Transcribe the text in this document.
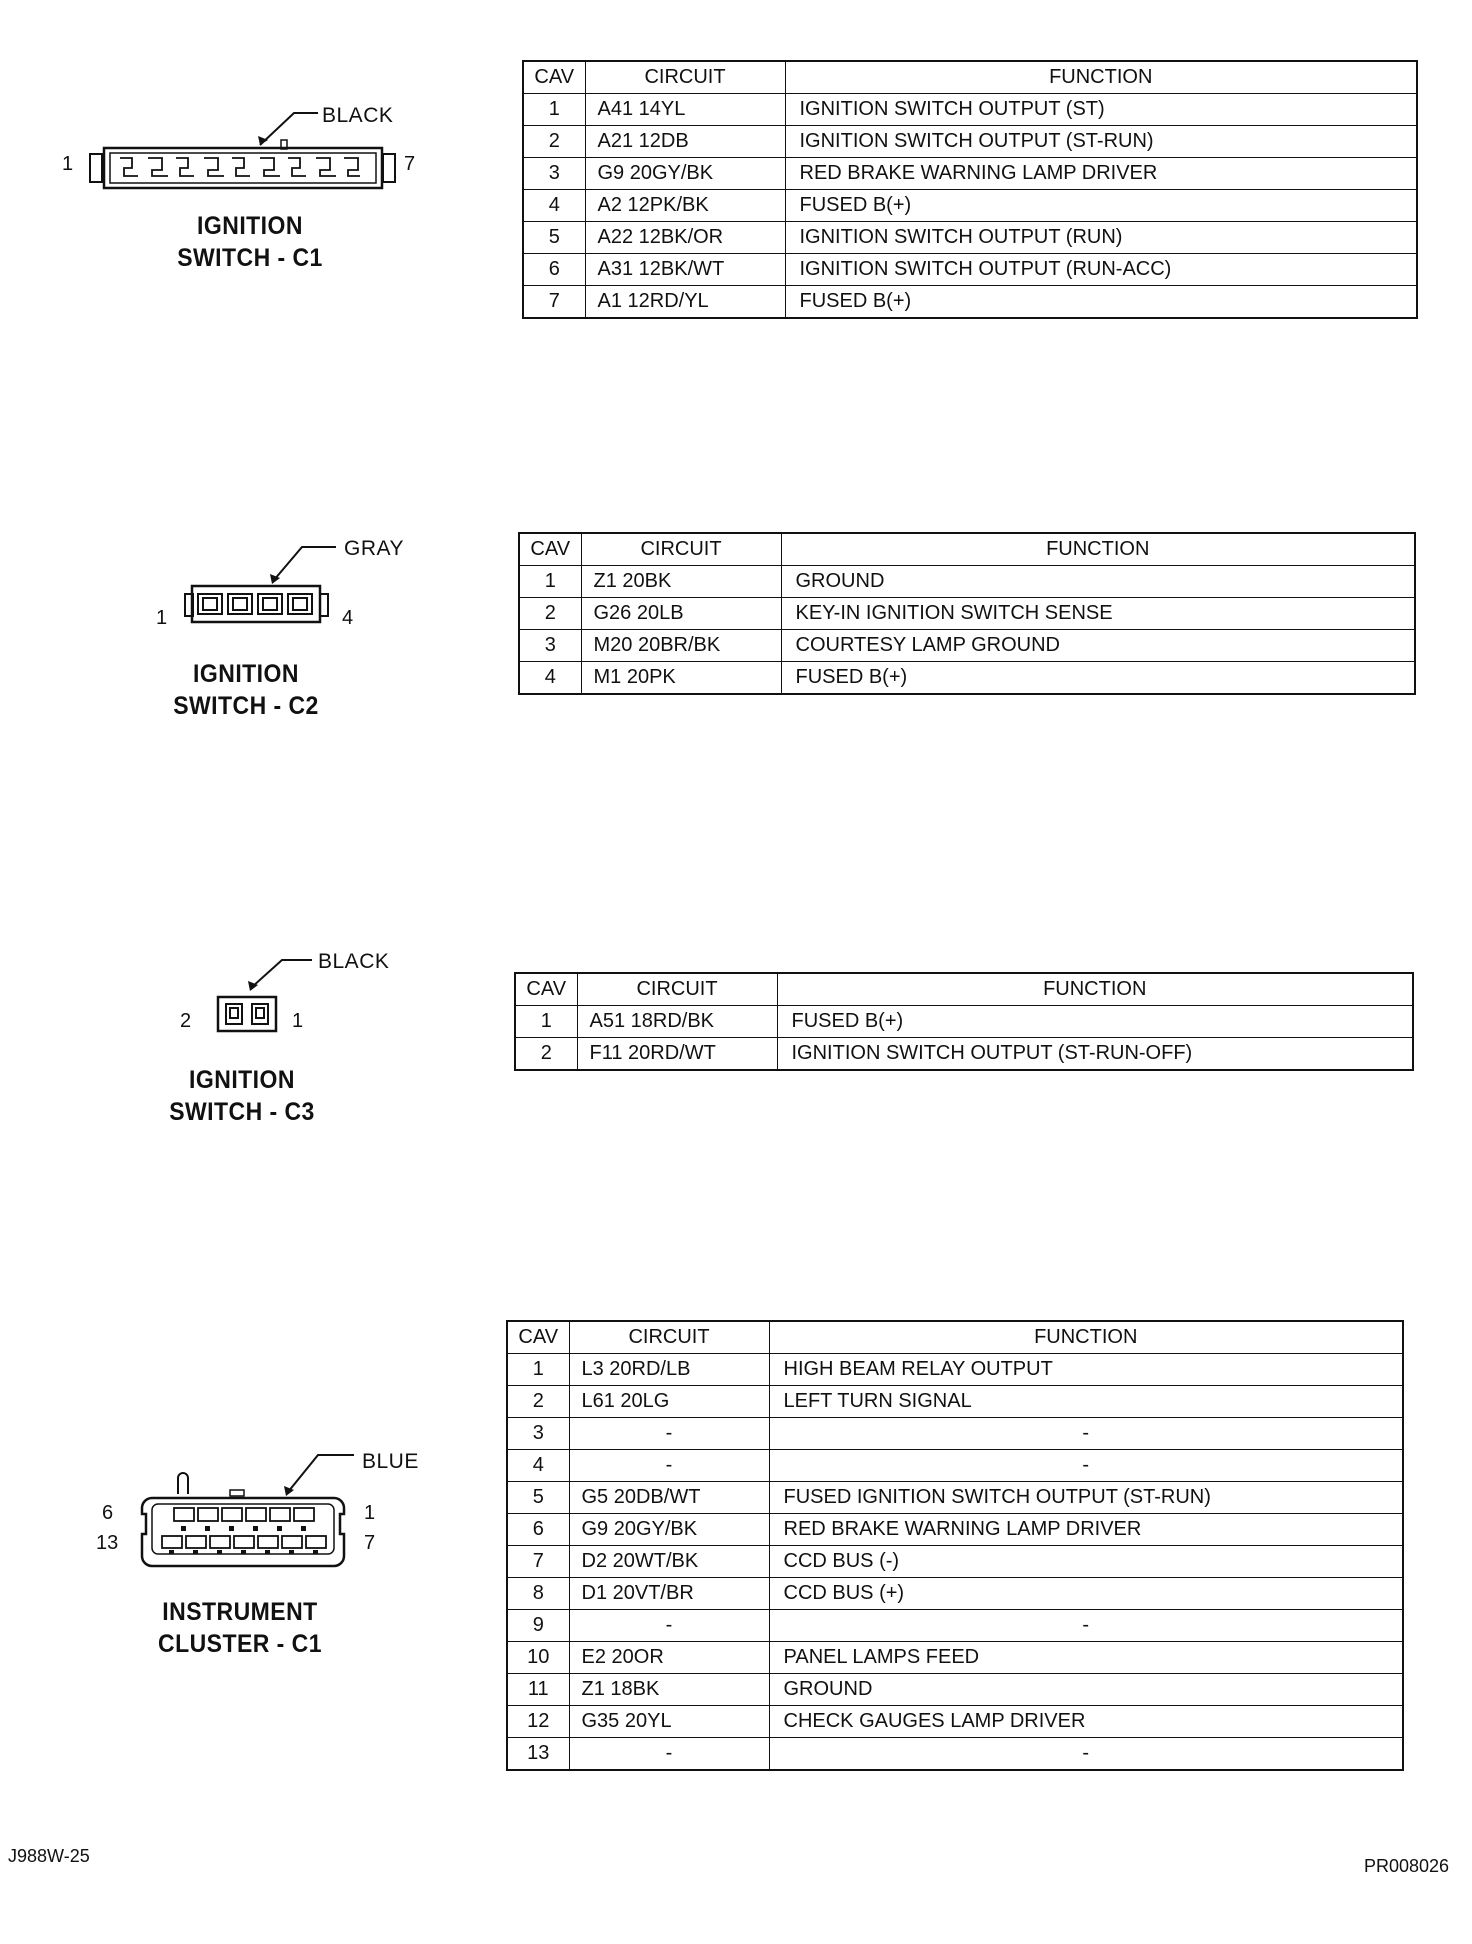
BLACK
1	7
IGNITION
SWITCH - C1
CAV	CIRCUIT	FUNCTION
1	A41 14YL	IGNITION SWITCH OUTPUT (ST)
2	A21 12DB	IGNITION SWITCH OUTPUT (ST-RUN)
3	G9 20GY/BK	RED BRAKE WARNING LAMP DRIVER
4	A2 12PK/BK	FUSED B(+)
5	A22 12BK/OR	IGNITION SWITCH OUTPUT (RUN)
6	A31 12BK/WT	IGNITION SWITCH OUTPUT (RUN-ACC)
7	A1 12RD/YL	FUSED B(+)
GRAY
1	4
IGNITION
SWITCH - C2
CAV	CIRCUIT	FUNCTION
1	Z1 20BK	GROUND
2	G26 20LB	KEY-IN IGNITION SWITCH SENSE
3	M20 20BR/BK	COURTESY LAMP GROUND
4	M1 20PK	FUSED B(+)
BLACK
2	1
IGNITION
SWITCH - C3
CAV	CIRCUIT	FUNCTION
1	A51 18RD/BK	FUSED B(+)
2	F11 20RD/WT	IGNITION SWITCH OUTPUT (ST-RUN-OFF)
BLUE
6	1
13	7
INSTRUMENT
CLUSTER - C1
CAV	CIRCUIT	FUNCTION
1	L3 20RD/LB	HIGH BEAM RELAY OUTPUT
2	L61 20LG	LEFT TURN SIGNAL
3	-	-
4	-	-
5	G5 20DB/WT	FUSED IGNITION SWITCH OUTPUT (ST-RUN)
6	G9 20GY/BK	RED BRAKE WARNING LAMP DRIVER
7	D2 20WT/BK	CCD BUS (-)
8	D1 20VT/BR	CCD BUS (+)
9	-	-
10	E2 20OR	PANEL LAMPS FEED
11	Z1 18BK	GROUND
12	G35 20YL	CHECK GAUGES LAMP DRIVER
13	-	-
J988W-25	PR008026
